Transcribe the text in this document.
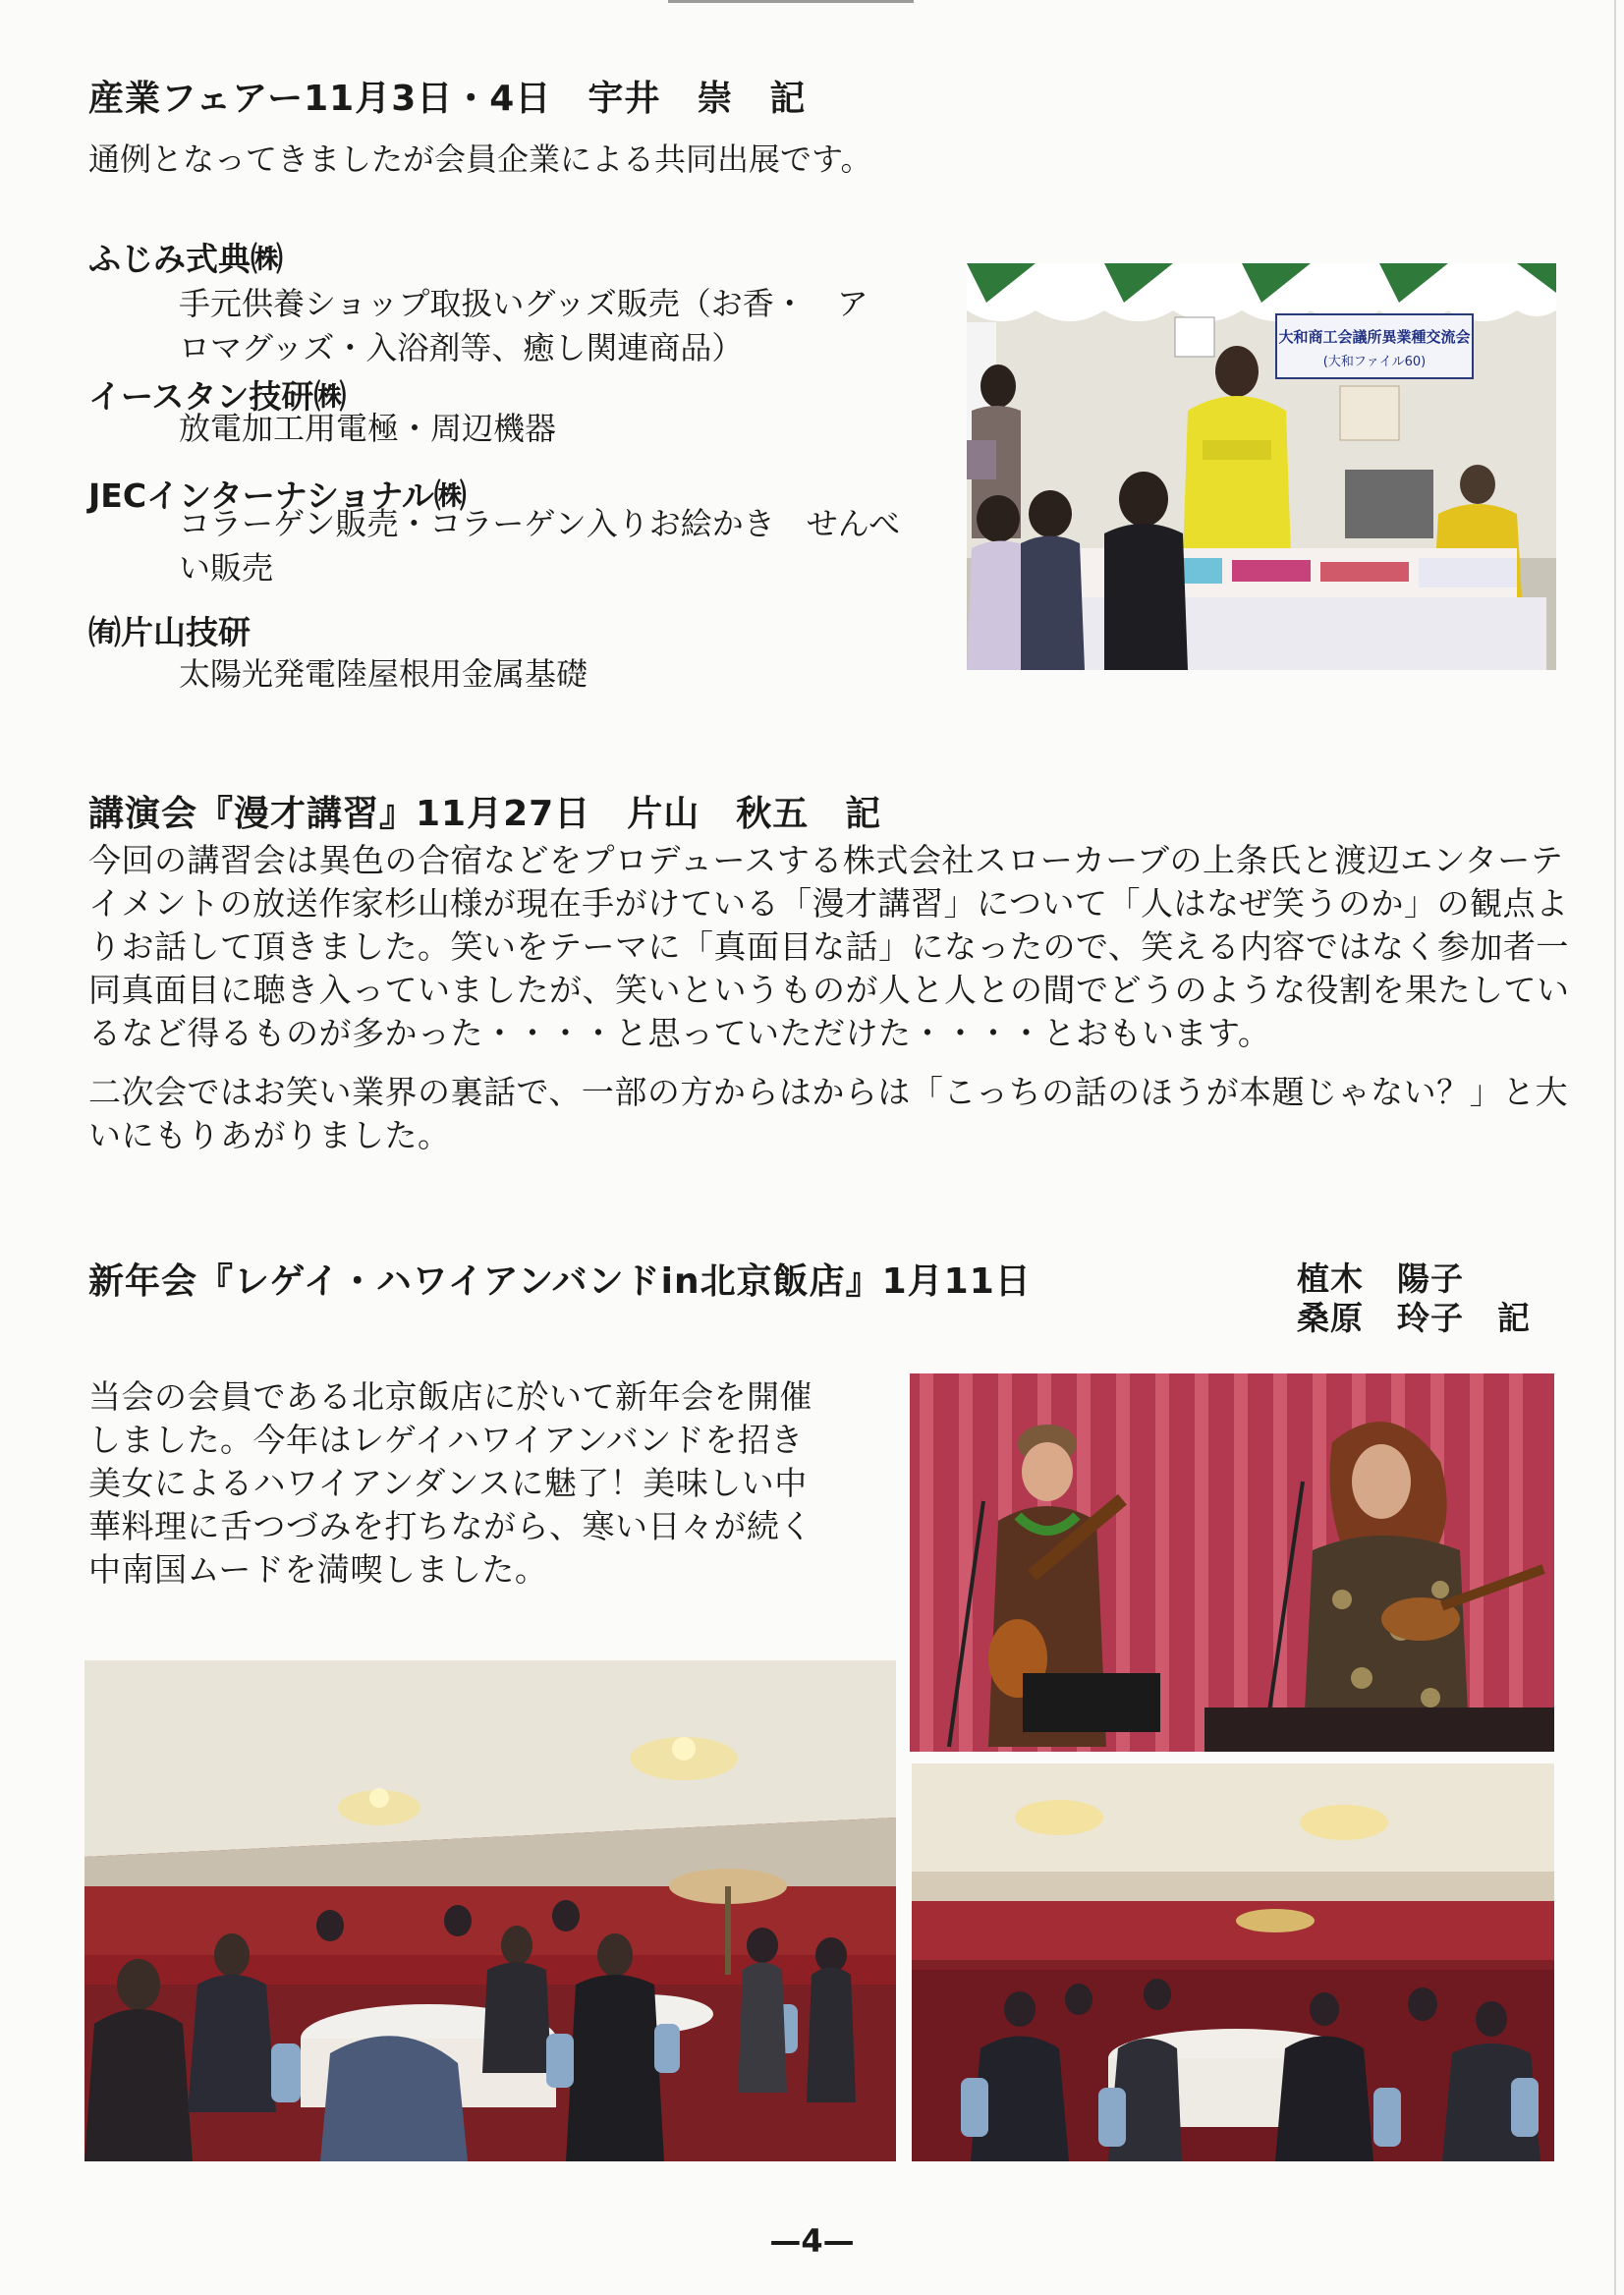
産業フェアー11月3日・4日　宇井　崇　記
通例となってきましたが会員企業による共同出展です。
ふじみ式典㈱
手元供養ショップ取扱いグッズ販売（お香・　アロマグッズ・入浴剤等、癒し関連商品）
イースタン技研㈱
放電加工用電極・周辺機器
JECインターナショナル㈱
コラーゲン販売・コラーゲン入りお絵かき　せんべい販売
㈲片山技研
太陽光発電陸屋根用金属基礎
大和商工会議所異業種交流会
(大和ファイル60)
講演会『漫才講習』11月27日　片山　秋五　記
今回の講習会は異色の合宿などをプロデュースする株式会社スローカーブの上条氏と渡辺エンターテイメントの放送作家杉山様が現在手がけている「漫才講習」について「人はなぜ笑うのか」の観点よりお話して頂きました。笑いをテーマに「真面目な話」になったので、笑える内容ではなく参加者一同真面目に聴き入っていましたが、笑いというものが人と人との間でどうのような役割を果たしているなど得るものが多かった・・・・と思っていただけた・・・・とおもいます。
二次会ではお笑い業界の裏話で、一部の方からはからは「こっちの話のほうが本題じゃない？」と大いにもりあがりました。
新年会『レゲイ・ハワイアンバンドin北京飯店』1月11日	植木　陽子
桑原　玲子　記
当会の会員である北京飯店に於いて新年会を開催しました。今年はレゲイハワイアンバンドを招き美女によるハワイアンダンスに魅了！美味しい中華料理に舌つづみを打ちながら、寒い日々が続く中南国ムードを満喫しました。
—4—
